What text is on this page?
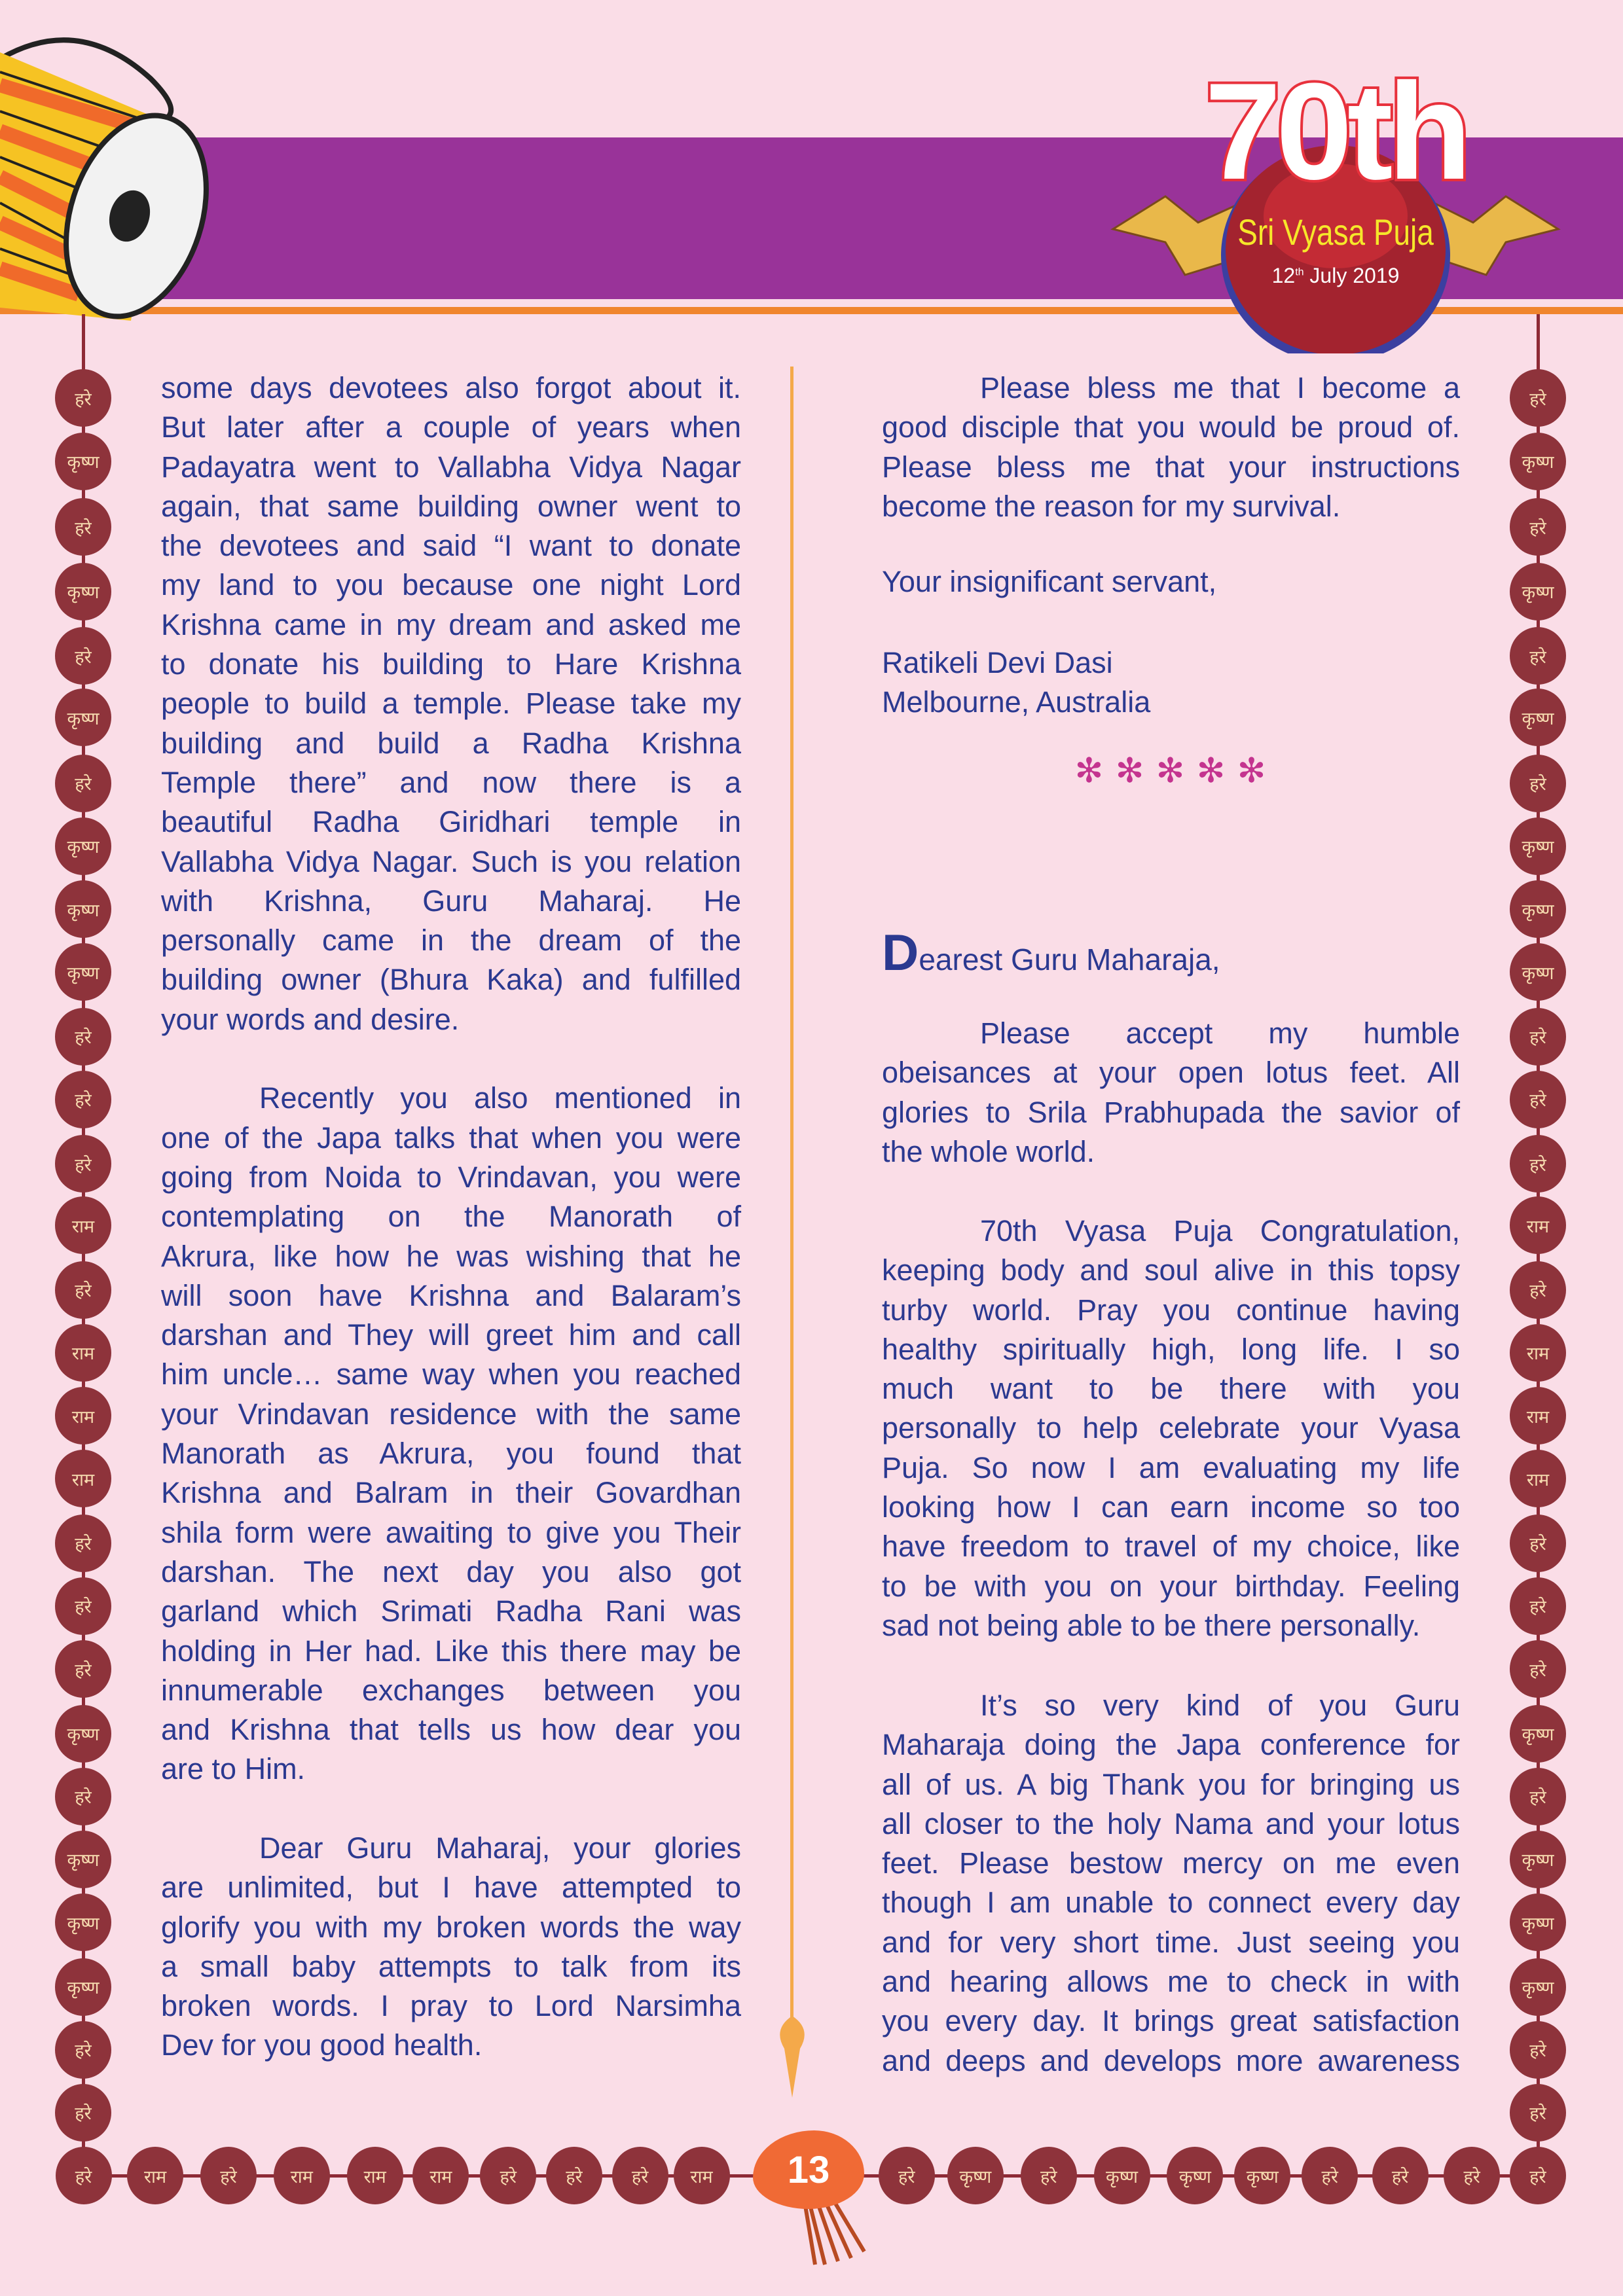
70th
Sri Vyasa Puja
12th July 2019
हरे
कृष्ण
हरे
कृष्ण
हरे
कृष्ण
हरे
कृष्ण
कृष्ण
कृष्ण
हरे
हरे
हरे
राम
हरे
राम
राम
राम
हरे
हरे
हरे
कृष्ण
हरे
कृष्ण
कृष्ण
कृष्ण
हरे
हरे
हरे
कृष्ण
हरे
कृष्ण
हरे
कृष्ण
हरे
कृष्ण
कृष्ण
कृष्ण
हरे
हरे
हरे
राम
हरे
राम
राम
राम
हरे
हरे
हरे
कृष्ण
हरे
कृष्ण
कृष्ण
कृष्ण
हरे
हरे
हरे	राम	हरे	राम	राम	राम	हरे	हरे	हरे	राम	हरे	कृष्ण	हरे	कृष्ण	कृष्ण	कृष्ण	हरे	हरे	हरे	हरे
13
some days devotees also forgot about it.
But later after a couple of years when
Padayatra went to Vallabha Vidya Nagar
again, that same building owner went to
the devotees and said “I want to donate
my land to you because one night Lord
Krishna came in my dream and asked me
to donate his building to Hare Krishna
people to build a temple. Please take my
building and build a Radha Krishna
Temple there” and now there is a
beautiful Radha Giridhari temple in
Vallabha Vidya Nagar. Such is you relation
with Krishna, Guru Maharaj. He
personally came in the dream of the
building owner (Bhura Kaka) and fulfilled
your words and desire.
Recently you also mentioned in
one of the Japa talks that when you were
going from Noida to Vrindavan, you were
contemplating on the Manorath of
Akrura, like how he was wishing that he
will soon have Krishna and Balaram’s
darshan and They will greet him and call
him uncle… same way when you reached
your Vrindavan residence with the same
Manorath as Akrura, you found that
Krishna and Balram in their Govardhan
shila form were awaiting to give you Their
darshan. The next day you also got
garland which Srimati Radha Rani was
holding in Her had. Like this there may be
innumerable exchanges between you
and Krishna that tells us how dear you
are to Him.
Dear Guru Maharaj, your glories
are unlimited, but I have attempted to
glorify you with my broken words the way
a small baby attempts to talk from its
broken words. I pray to Lord Narsimha
Dev for you good health.
Please bless me that I become a
good disciple that you would be proud of.
Please bless me that your instructions
become the reason for my survival.
Your insignificant servant,
Ratikeli Devi Dasi
Melbourne, Australia
✻ ✻ ✻ ✻ ✻
Dearest Guru Maharaja,
Please accept my humble
obeisances at your open lotus feet. All
glories to Srila Prabhupada the savior of
the whole world.
70th Vyasa Puja Congratulation,
keeping body and soul alive in this topsy
turby world. Pray you continue having
healthy spiritually high, long life. I so
much want to be there with you
personally to help celebrate your Vyasa
Puja. So now I am evaluating my life
looking how I can earn income so too
have freedom to travel of my choice, like
to be with you on your birthday. Feeling
sad not being able to be there personally.
It’s so very kind of you Guru
Maharaja doing the Japa conference for
all of us. A big Thank you for bringing us
all closer to the holy Nama and your lotus
feet. Please bestow mercy on me even
though I am unable to connect every day
and for very short time. Just seeing you
and hearing allows me to check in with
you every day. It brings great satisfaction
and deeps and develops more awareness
